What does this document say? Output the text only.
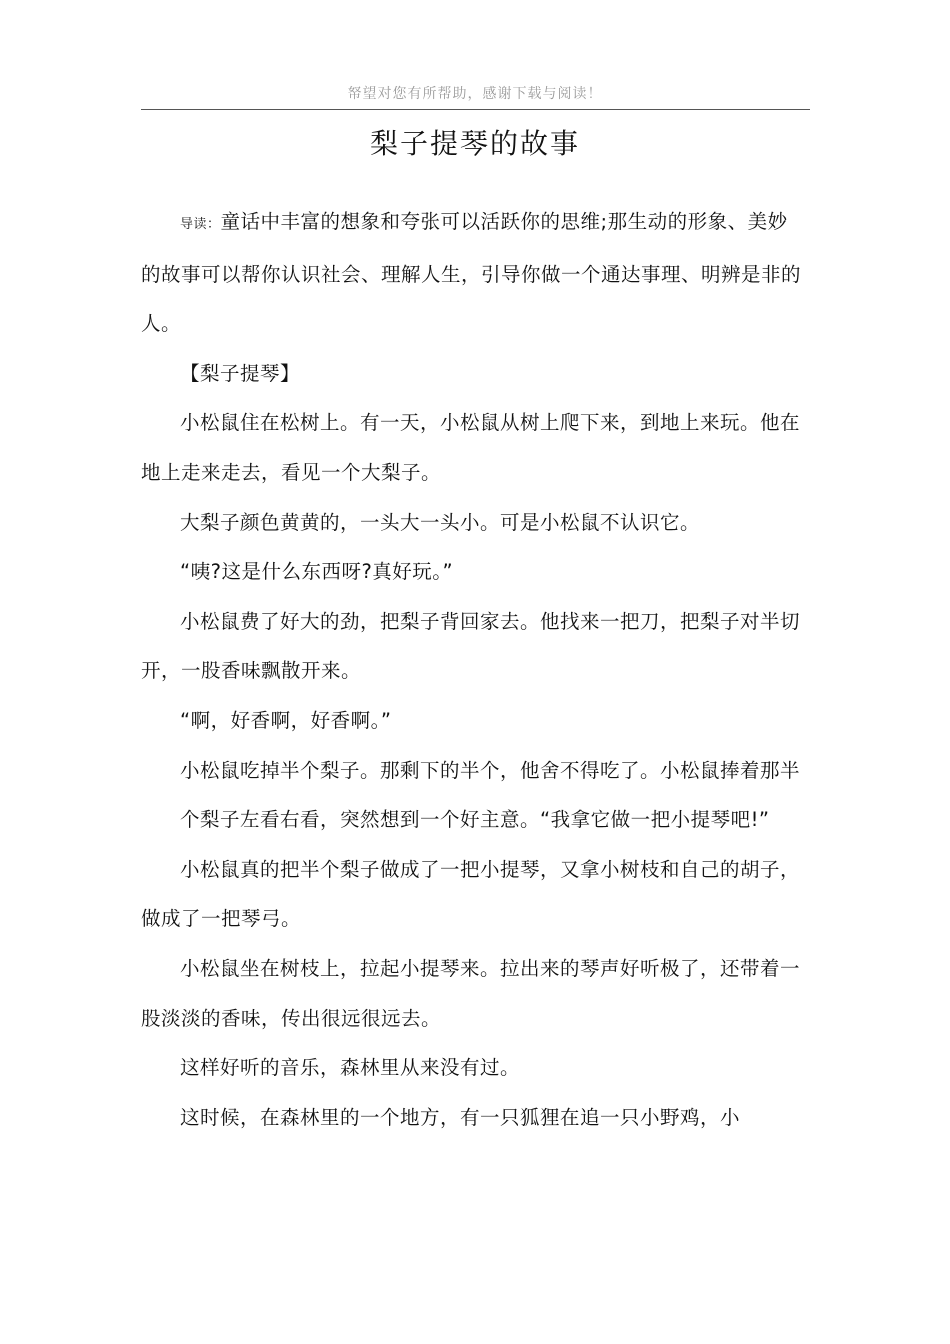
帑望对您有所帮助，感谢下载与阅读！
梨子提琴的故事

导读：童话中丰富的想象和夸张可以活跃你的思维;那生动的形象、美妙的故事可以帮你认识社会、理解人生，引导你做一个通达事理、明辨是非的人。

【梨子提琴】

小松鼠住在松树上。有一天，小松鼠从树上爬下来，到地上来玩。他在地上走来走去，看见一个大梨子。

大梨子颜色黄黄的，一头大一头小。可是小松鼠不认识它。

“咦?这是什么东西呀?真好玩。”

小松鼠费了好大的劲，把梨子背回家去。他找来一把刀，把梨子对半切开，一股香味飘散开来。

“啊，好香啊，好香啊。”

小松鼠吃掉半个梨子。那剩下的半个，他舍不得吃了。小松鼠捧着那半个梨子左看右看，突然想到一个好主意。“我拿它做一把小提琴吧!”

小松鼠真的把半个梨子做成了一把小提琴，又拿小树枝和自己的胡子，做成了一把琴弓。

小松鼠坐在树枝上，拉起小提琴来。拉出来的琴声好听极了，还带着一股淡淡的香味，传出很远很远去。

这样好听的音乐，森林里从来没有过。

这时候，在森林里的一个地方，有一只狐狸在追一只小野鸡，小
